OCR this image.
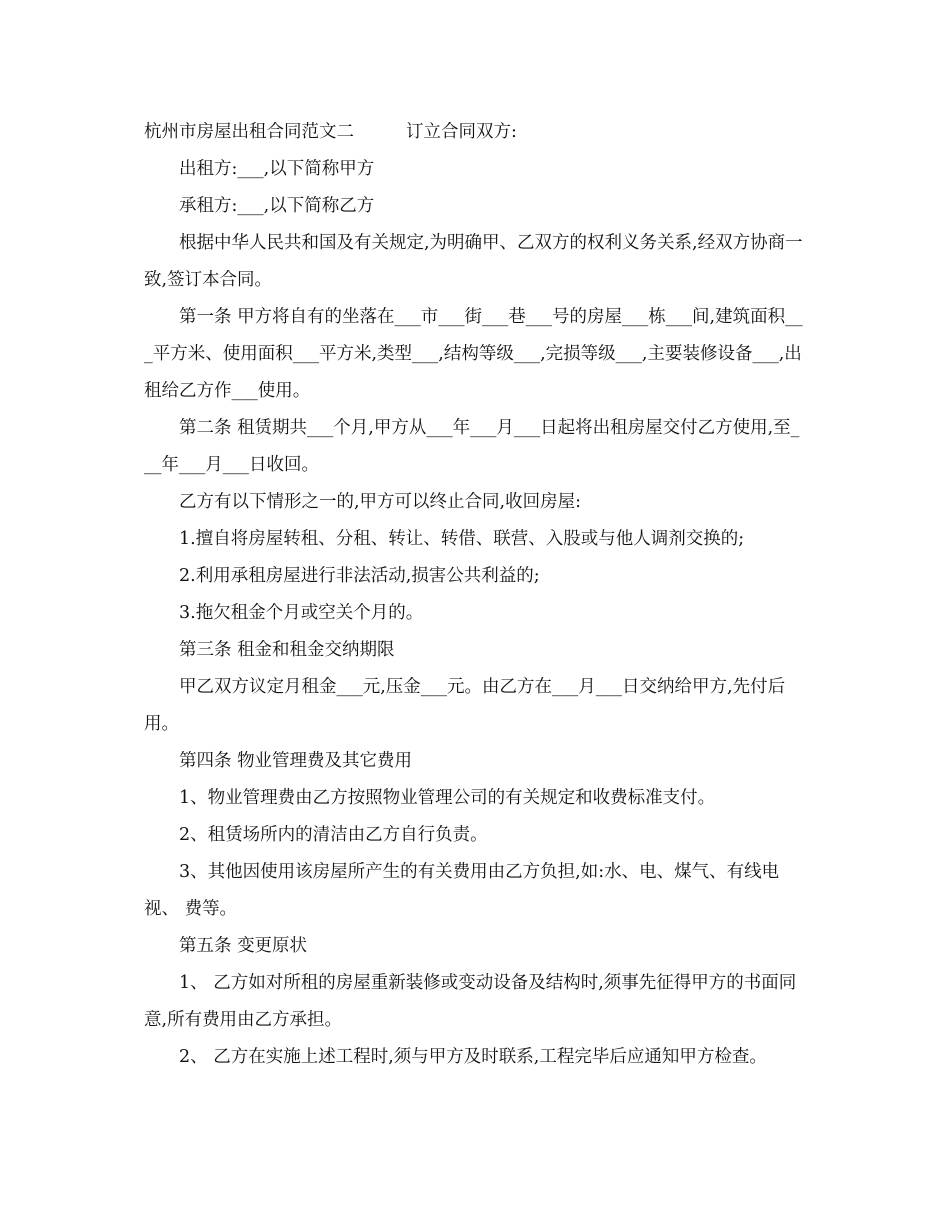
杭州市房屋出租合同范文二	订立合同双方:

出租方:___,以下简称甲方

承租方:___,以下简称乙方

根据中华人民共和国及有关规定,为明确甲、乙双方的权利义务关系,经双方协商一致,签订本合同。

第一条 甲方将自有的坐落在___市___街___巷___号的房屋___栋___间,建筑面积___平方米、使用面积___平方米,类型___,结构等级___,完损等级___,主要装修设备___,出租给乙方作___使用。

第二条 租赁期共___个月,甲方从___年___月___日起将出租房屋交付乙方使用,至___年___月___日收回。

乙方有以下情形之一的,甲方可以终止合同,收回房屋:

1.擅自将房屋转租、分租、转让、转借、联营、入股或与他人调剂交换的;

2.利用承租房屋进行非法活动,损害公共利益的;

3.拖欠租金个月或空关个月的。

第三条 租金和租金交纳期限

甲乙双方议定月租金___元,压金___元。由乙方在___月___日交纳给甲方,先付后用。

第四条 物业管理费及其它费用

1、物业管理费由乙方按照物业管理公司的有关规定和收费标准支付。

2、租赁场所内的清洁由乙方自行负责。

3、其他因使用该房屋所产生的有关费用由乙方负担,如:水、电、煤气、有线电视、 费等。

第五条 变更原状

1、 乙方如对所租的房屋重新装修或变动设备及结构时,须事先征得甲方的书面同意,所有费用由乙方承担。

2、 乙方在实施上述工程时,须与甲方及时联系,工程完毕后应通知甲方检查。
